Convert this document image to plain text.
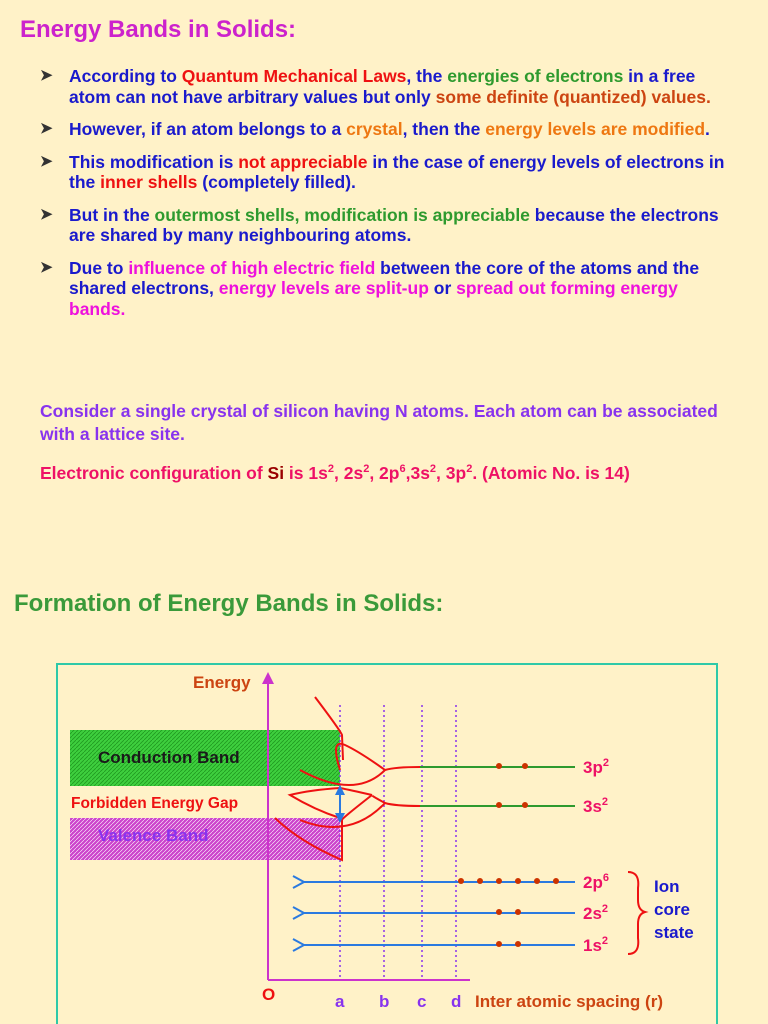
Energy Bands in Solids:
➤ According to Quantum Mechanical Laws, the energies of electrons in a free atom can not have arbitrary values but only some definite (quantized) values.
➤ However, if an atom belongs to a crystal, then the energy levels are modified.
➤ This modification is not appreciable in the case of energy levels of electrons in the inner shells (completely filled).
➤ But in the outermost shells, modification is appreciable because the electrons are shared by many neighbouring atoms.
➤ Due to influence of high electric field between the core of the atoms and the shared electrons, energy levels are split-up or spread out forming energy bands.
Consider a single crystal of silicon having N atoms. Each atom can be associated with a lattice site.
Electronic configuration of Si is $1s^2$, $2s^2$, $2p^6,3s^2$, $3p^2$. (Atomic No. is 14)
Formation of Energy Bands in Solids:
Conduction Band
Forbidden Energy Gap
Valence Band
Energy
O	Inter atomic spacing (r)
a b c d
$3p^2$
$3s^2$
$2p^6$
$2s^2$
$1s^2$
Ion
core
state
